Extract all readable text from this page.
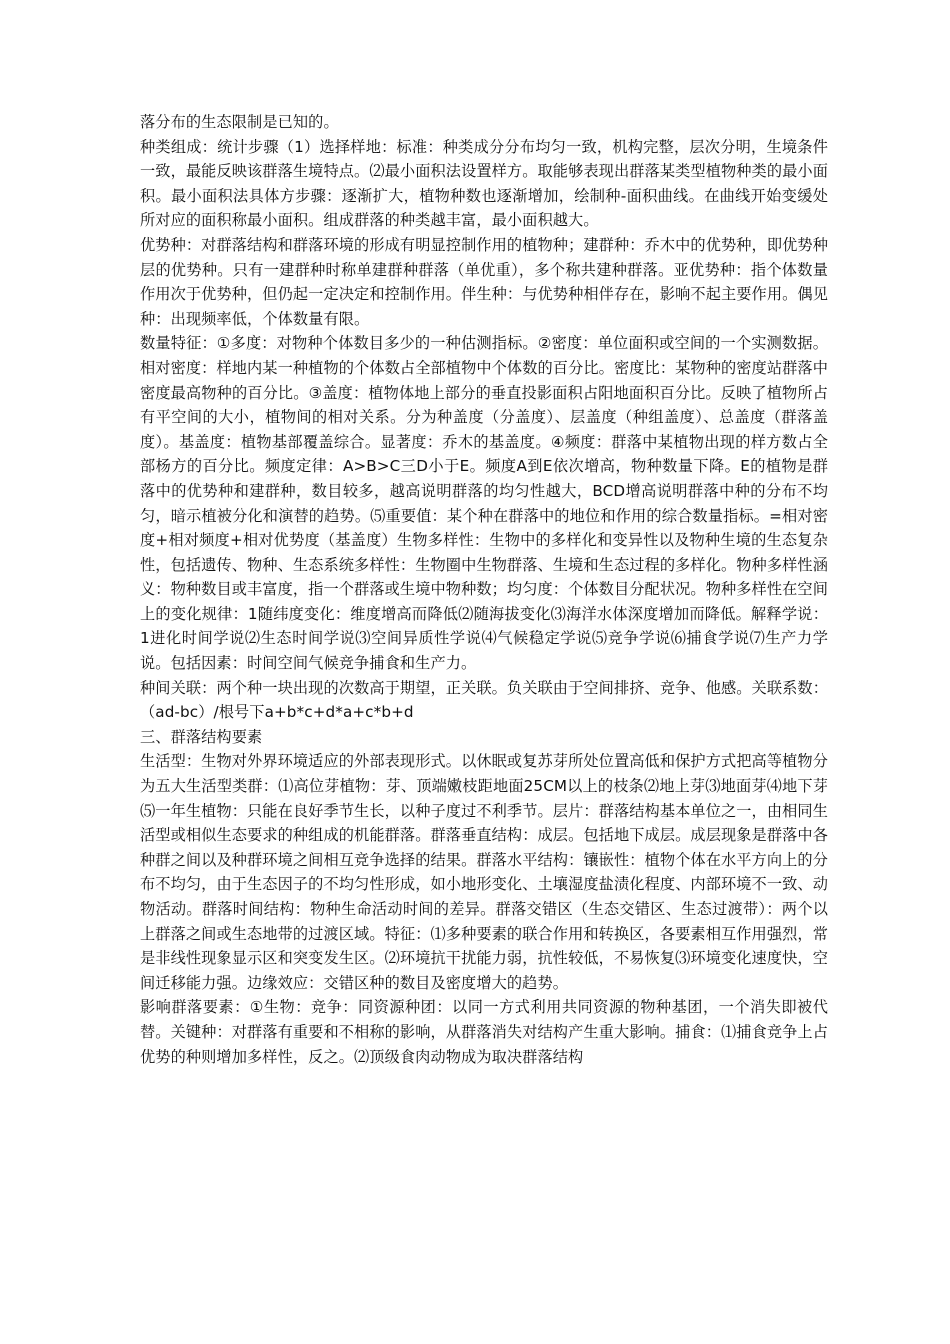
落分布的生态限制是已知的。

种类组成：统计步骤（1）选择样地：标准：种类成分分布均匀一致，机构完整，层次分明，生境条件一致，最能反映该群落生境特点。⑵最小面积法设置样方。取能够表现出群落某类型植物种类的最小面积。最小面积法具体方步骤：逐渐扩大，植物种数也逐渐增加，绘制种-面积曲线。在曲线开始变缓处所对应的面积称最小面积。组成群落的种类越丰富，最小面积越大。

优势种：对群落结构和群落环境的形成有明显控制作用的植物种；建群种：乔木中的优势种，即优势种层的优势种。只有一建群种时称单建群种群落（单优重），多个称共建种群落。亚优势种：指个体数量作用次于优势种，但仍起一定决定和控制作用。伴生种：与优势种相伴存在，影响不起主要作用。偶见种：出现频率低，个体数量有限。

数量特征：①多度：对物种个体数目多少的一种估测指标。②密度：单位面积或空间的一个实测数据。相对密度：样地内某一种植物的个体数占全部植物中个体数的百分比。密度比：某物种的密度站群落中密度最高物种的百分比。③盖度：植物体地上部分的垂直投影面积占阳地面积百分比。反映了植物所占有平空间的大小，植物间的相对关系。分为种盖度（分盖度）、层盖度（种组盖度）、总盖度（群落盖度）。基盖度：植物基部覆盖综合。显著度：乔木的基盖度。④频度：群落中某植物出现的样方数占全部杨方的百分比。频度定律：A>B>C三D小于E。频度A到E依次增高，物种数量下降。E的植物是群落中的优势种和建群种，数目较多，越高说明群落的均匀性越大，BCD增高说明群落中种的分布不均匀，暗示植被分化和演替的趋势。⑸重要值：某个种在群落中的地位和作用的综合数量指标。=相对密度+相对频度+相对优势度（基盖度）生物多样性：生物中的多样化和变异性以及物种生境的生态复杂性，包括遗传、物种、生态系统多样性：生物圈中生物群落、生境和生态过程的多样化。物种多样性涵义：物种数目或丰富度，指一个群落或生境中物种数；均匀度：个体数目分配状况。物种多样性在空间上的变化规律：1随纬度变化：维度增高而降低⑵随海拔变化⑶海洋水体深度增加而降低。解释学说：1进化时间学说⑵生态时间学说⑶空间异质性学说⑷气候稳定学说⑸竞争学说⑹捕食学说⑺生产力学说。包括因素：时间空间气候竞争捕食和生产力。

种间关联：两个种一块出现的次数高于期望，正关联。负关联由于空间排挤、竞争、他感。关联系数：（ad-bc）/根号下a+b*c+d*a+c*b+d

三、群落结构要素

生活型：生物对外界环境适应的外部表现形式。以休眠或复苏芽所处位置高低和保护方式把高等植物分为五大生活型类群：⑴高位芽植物：芽、顶端嫩枝距地面25CM以上的枝条⑵地上芽⑶地面芽⑷地下芽⑸一年生植物：只能在良好季节生长，以种子度过不利季节。层片：群落结构基本单位之一，由相同生活型或相似生态要求的种组成的机能群落。群落垂直结构：成层。包括地下成层。成层现象是群落中各种群之间以及种群环境之间相互竞争选择的结果。群落水平结构：镶嵌性：植物个体在水平方向上的分布不均匀，由于生态因子的不均匀性形成，如小地形变化、土壤湿度盐渍化程度、内部环境不一致、动物活动。群落时间结构：物种生命活动时间的差异。群落交错区（生态交错区、生态过渡带）：两个以上群落之间或生态地带的过渡区域。特征：⑴多种要素的联合作用和转换区，各要素相互作用强烈，常是非线性现象显示区和突变发生区。⑵环境抗干扰能力弱，抗性较低，不易恢复⑶环境变化速度快，空间迁移能力强。边缘效应：交错区种的数目及密度增大的趋势。

影响群落要素：①生物：竞争：同资源种团：以同一方式利用共同资源的物种基团，一个消失即被代替。关键种：对群落有重要和不相称的影响，从群落消失对结构产生重大影响。捕食：⑴捕食竞争上占优势的种则增加多样性，反之。⑵顶级食肉动物成为取决群落结构
